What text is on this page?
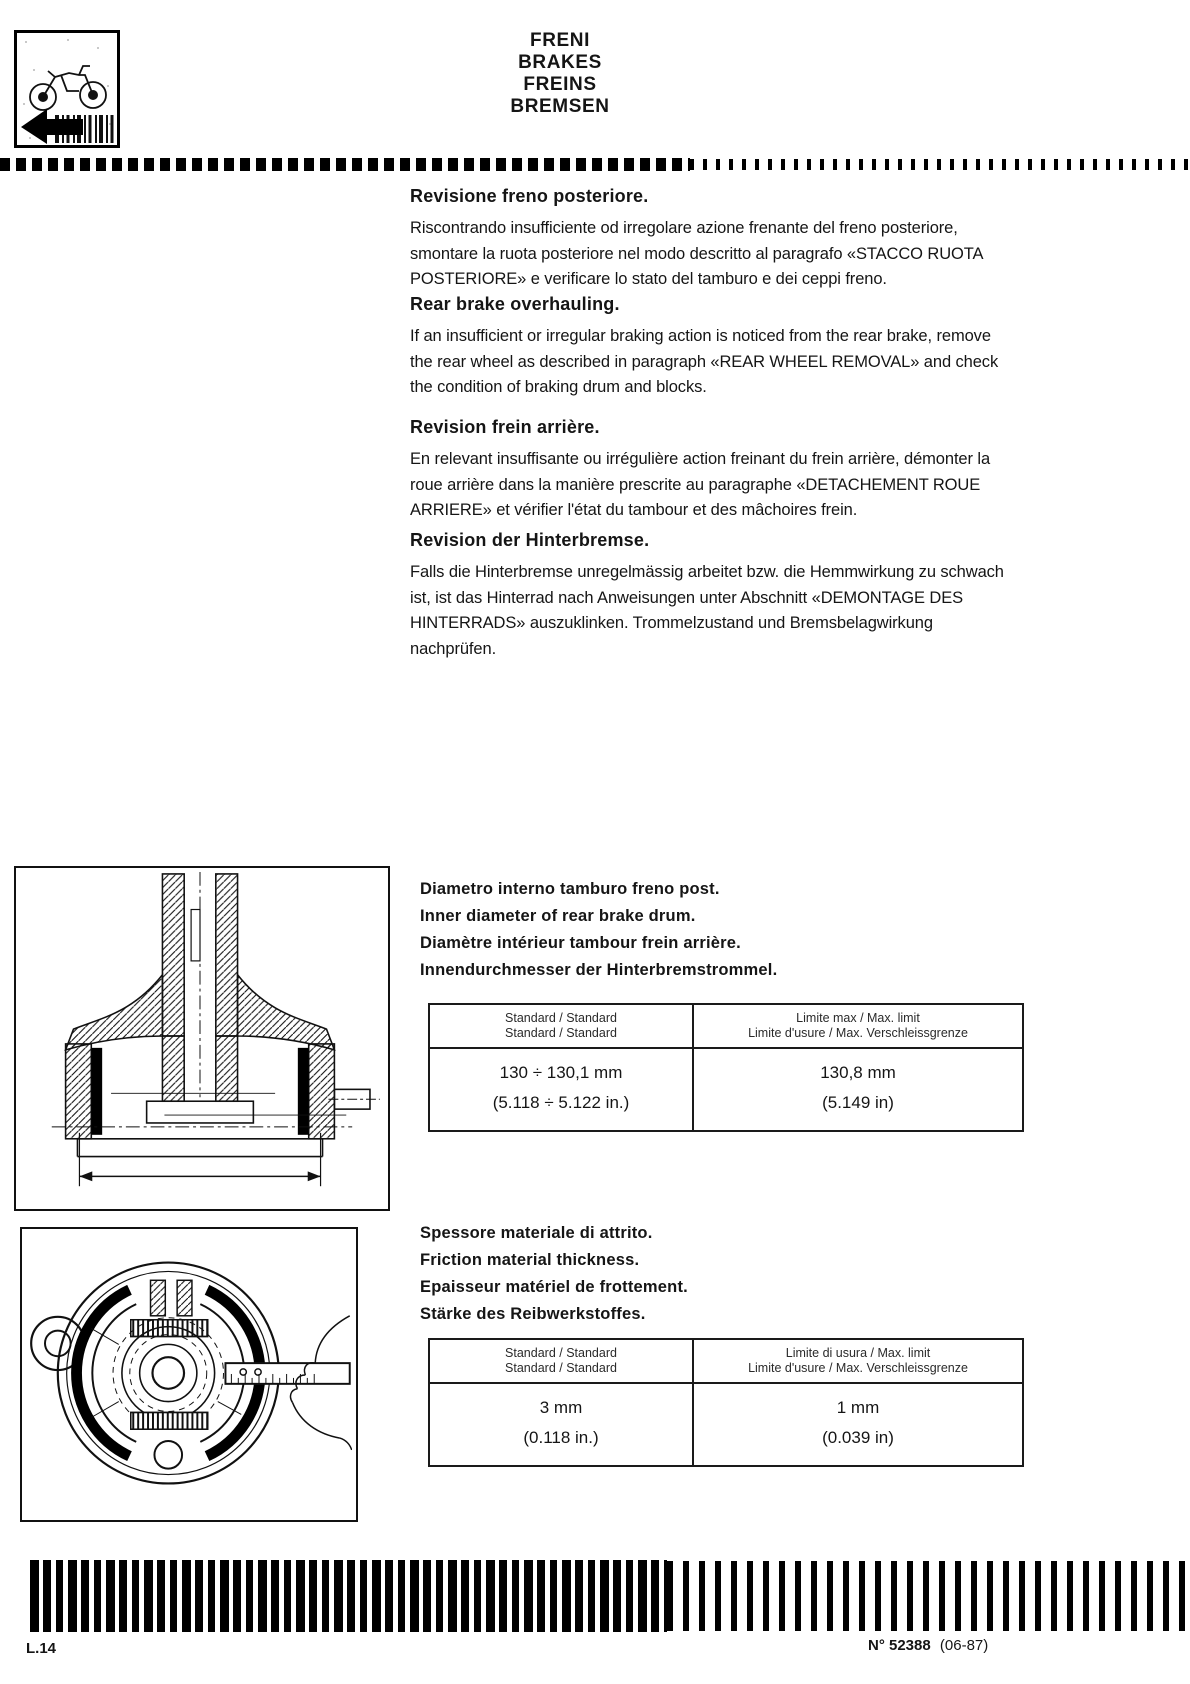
FRENI
BRAKES
FREINS
BREMSEN
Revisione freno posteriore.

Riscontrando insufficiente od irregolare azione frenante del freno posteriore, smontare la ruota posteriore nel modo descritto al paragrafo «STACCO RUOTA POSTERIORE» e verificare lo stato del tamburo e dei ceppi freno.

Rear brake overhauling.

If an insufficient or irregular braking action is noticed from the rear brake, remove the rear wheel as described in paragraph «REAR WHEEL REMOVAL» and check the condition of braking drum and blocks.

Revision frein arrière.

En relevant insuffisante ou irrégulière action freinant du frein arrière, démonter la roue arrière dans la manière prescrite au paragraphe «DETACHEMENT ROUE ARRIERE» et vérifier l'état du tambour et des mâchoires frein.

Revision der Hinterbremse.

Falls die Hinterbremse unregelmässig arbeitet bzw. die Hemmwirkung zu schwach ist, ist das Hinterrad nach Anweisungen unter Abschnitt «DEMONTAGE DES HINTERRADS» auszuklinken. Trommelzustand und Bremsbelagwirkung nachprüfen.

Diametro interno tamburo freno post.
Inner diameter of rear brake drum.
Diamètre intérieur tambour frein arrière.
Innendurchmesser der Hinterbremstrommel.
Standard / Standard
Standard / Standard
Limite max / Max. limit
Limite d'usure / Max. Verschleissgrenze
130 ÷ 130,1 mm
(5.118 ÷ 5.122 in.)
130,8 mm
(5.149 in)
Spessore materiale di attrito.
Friction material thickness.
Epaisseur matériel de frottement.
Stärke des Reibwerkstoffes.
Standard / Standard
Standard / Standard
Limite di usura / Max. limit
Limite d'usure / Max. Verschleissgrenze
3 mm
(0.118 in.)
1 mm
(0.039 in)
L.14	N° 52388 (06-87)
